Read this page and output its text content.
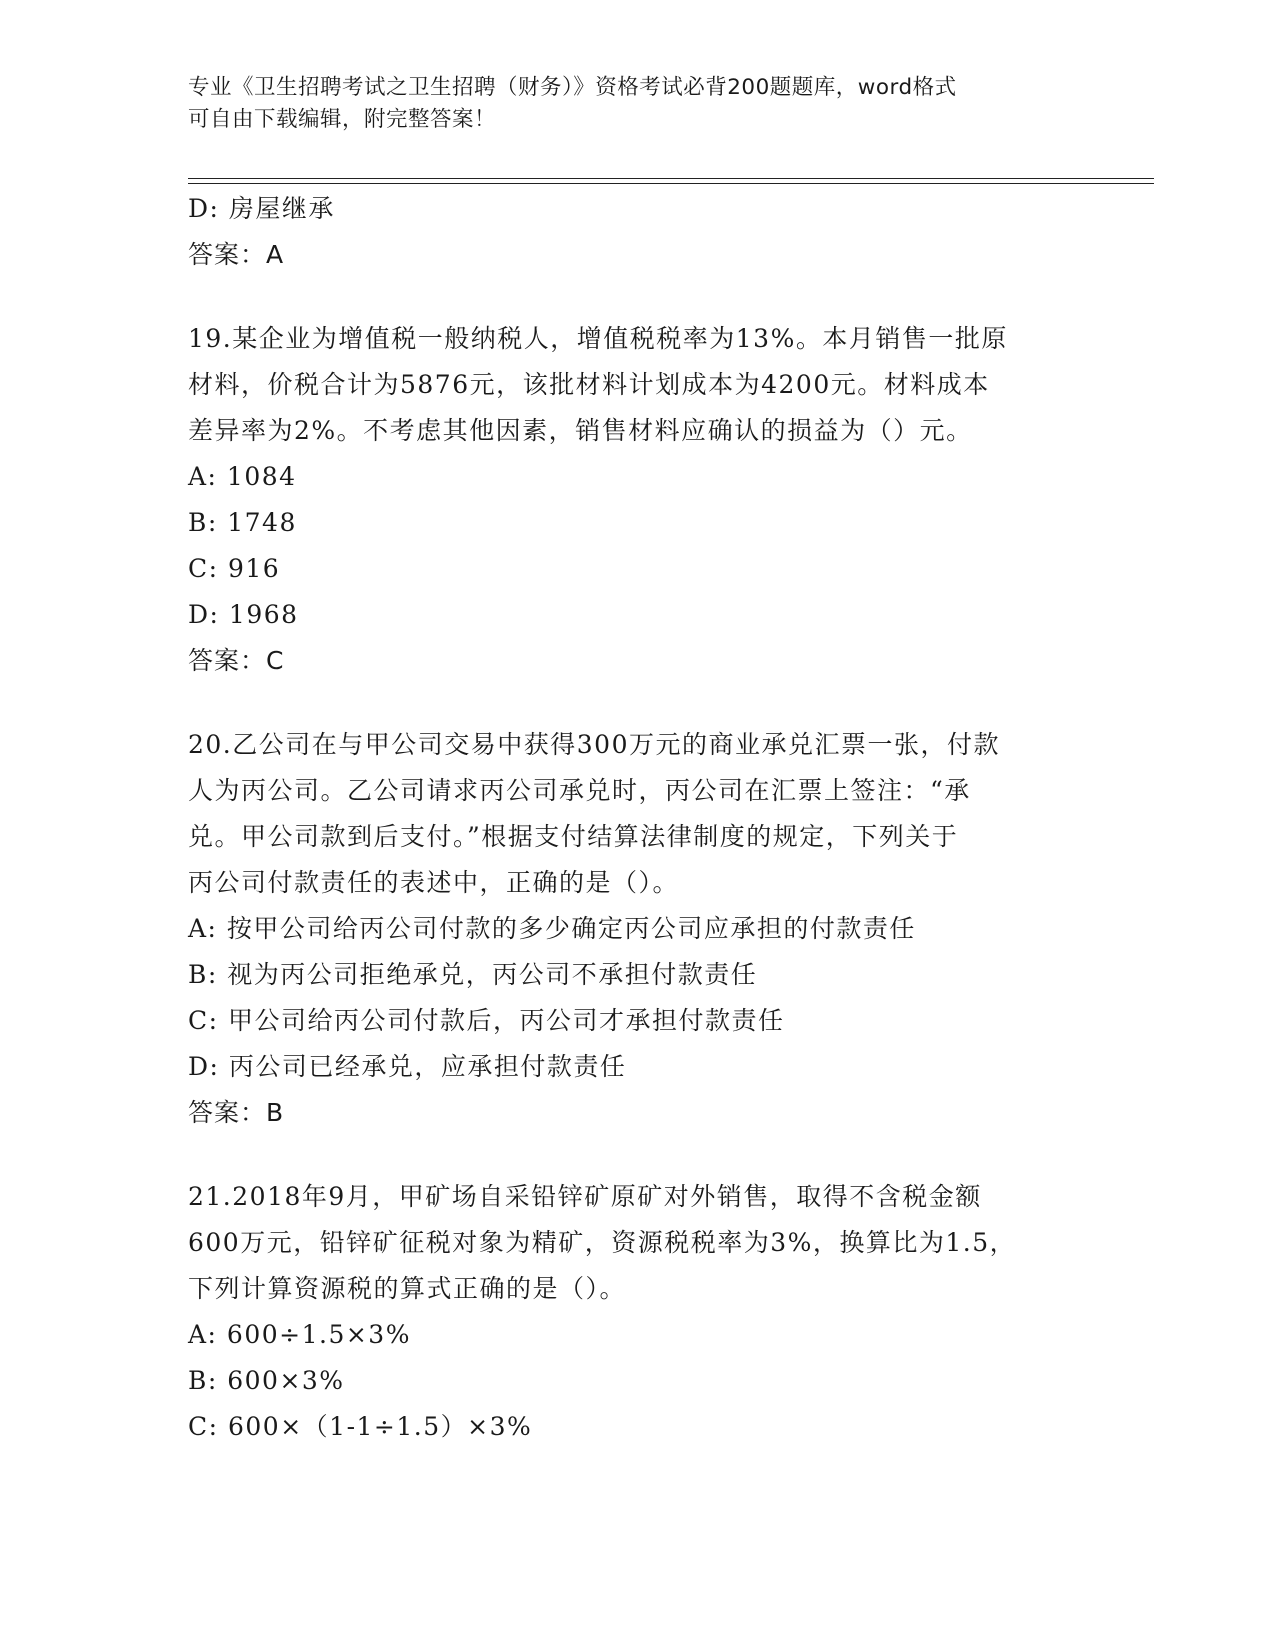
专业《卫生招聘考试之卫生招聘（财务）》资格考试必背200题题库，word格式
可自由下载编辑，附完整答案！
D: 房屋继承
答案：A
19.某企业为增值税一般纳税人，增值税税率为13%。本月销售一批原
材料，价税合计为5876元，该批材料计划成本为4200元。材料成本
差异率为2%。不考虑其他因素，销售材料应确认的损益为（）元。
A: 1084
B: 1748
C: 916
D: 1968
答案：C
20.乙公司在与甲公司交易中获得300万元的商业承兑汇票一张，付款
人为丙公司。乙公司请求丙公司承兑时，丙公司在汇票上签注：“承
兑。甲公司款到后支付。”根据支付结算法律制度的规定，下列关于
丙公司付款责任的表述中，正确的是（）。
A: 按甲公司给丙公司付款的多少确定丙公司应承担的付款责任
B: 视为丙公司拒绝承兑，丙公司不承担付款责任
C: 甲公司给丙公司付款后，丙公司才承担付款责任
D: 丙公司已经承兑，应承担付款责任
答案：B
21.2018年9月，甲矿场自采铅锌矿原矿对外销售，取得不含税金额
600万元，铅锌矿征税对象为精矿，资源税税率为3%，换算比为1.5，
下列计算资源税的算式正确的是（）。
A: 600÷1.5×3%
B: 600×3%
C: 600×（1-1÷1.5）×3%
